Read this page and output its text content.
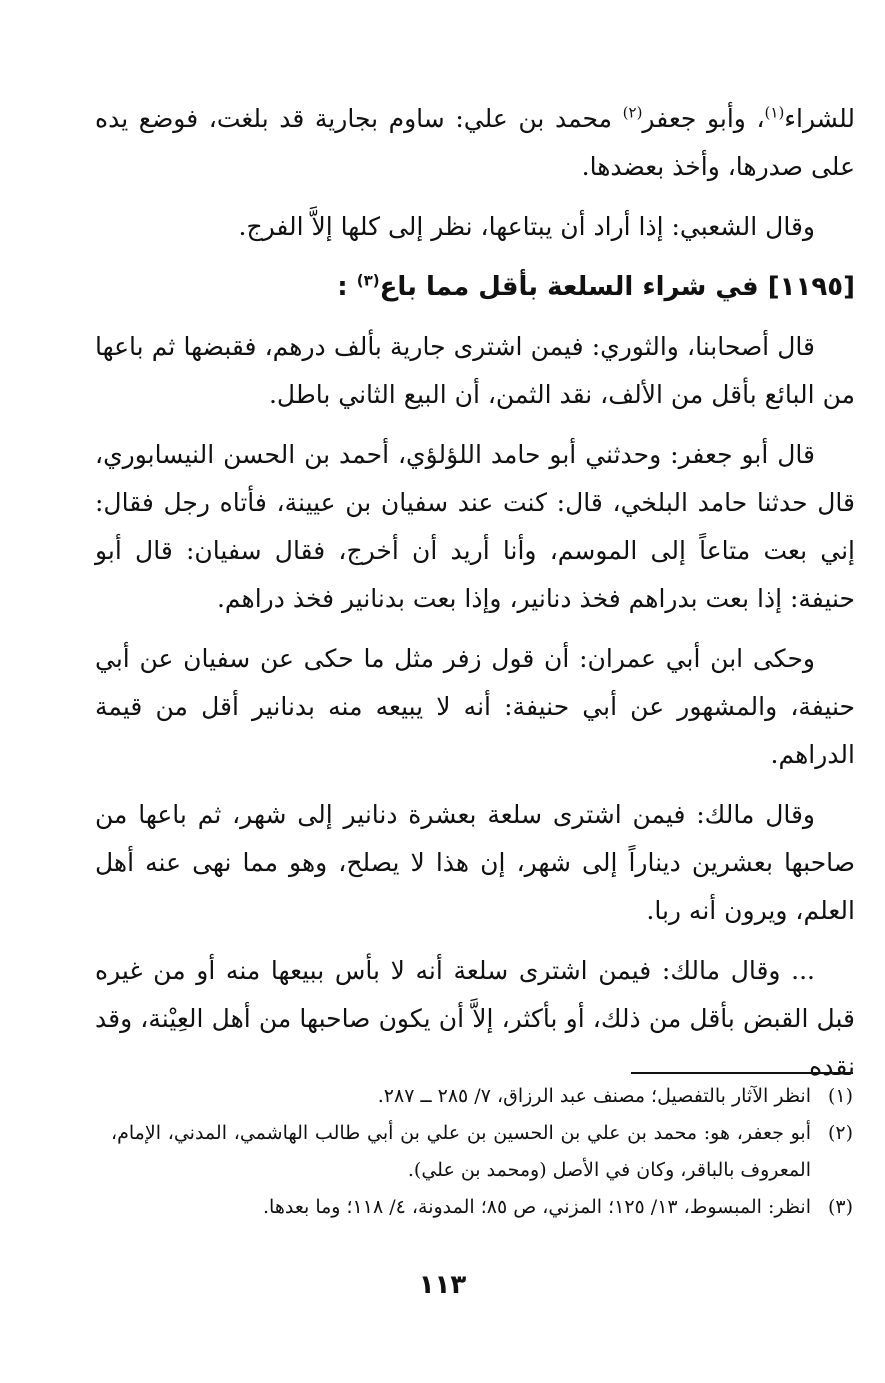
للشراء$^{(١)}$، وأبو جعفر$^{(٢)}$ محمد بن علي: ساوم بجارية قد بلغت، فوضع يده على صدرها، وأخذ بعضدها.

وقال الشعبي: إذا أراد أن يبتاعها، نظر إلى كلها إلاَّ الفرج.

[١١٩٥] في شراء السلعة بأقل مما باع$^{(٣)}$ :

قال أصحابنا، والثوري: فيمن اشترى جارية بألف درهم، فقبضها ثم باعها من البائع بأقل من الألف، نقد الثمن، أن البيع الثاني باطل.

قال أبو جعفر: وحدثني أبو حامد اللؤلؤي، أحمد بن الحسن النيسابوري، قال حدثنا حامد البلخي، قال: كنت عند سفيان بن عيينة، فأتاه رجل فقال: إني بعت متاعاً إلى الموسم، وأنا أريد أن أخرج، فقال سفيان: قال أبو حنيفة: إذا بعت بدراهم فخذ دنانير، وإذا بعت بدنانير فخذ دراهم.

وحكى ابن أبي عمران: أن قول زفر مثل ما حكى عن سفيان عن أبي حنيفة، والمشهور عن أبي حنيفة: أنه لا يبيعه منه بدنانير أقل من قيمة الدراهم.

وقال مالك: فيمن اشترى سلعة بعشرة دنانير إلى شهر، ثم باعها من صاحبها بعشرين ديناراً إلى شهر، إن هذا لا يصلح، وهو مما نهى عنه أهل العلم، ويرون أنه ربا.

... وقال مالك: فيمن اشترى سلعة أنه لا بأس ببيعها منه أو من غيره قبل القبض بأقل من ذلك، أو بأكثر، إلاَّ أن يكون صاحبها من أهل العِيْنة، وقد نقده

(١)
انظر الآثار بالتفصيل؛ مصنف عبد الرزاق، ٧/ ٢٨٥ ــ ٢٨٧.
(٢)
أبو جعفر، هو: محمد بن علي بن الحسين بن علي بن أبي طالب الهاشمي، المدني، الإمام، المعروف بالباقر، وكان في الأصل (ومحمد بن علي).
(٣)
انظر: المبسوط، ١٣/ ١٢٥؛ المزني، ص ٨٥؛ المدونة، ٤/ ١١٨؛ وما بعدها.
١١٣
